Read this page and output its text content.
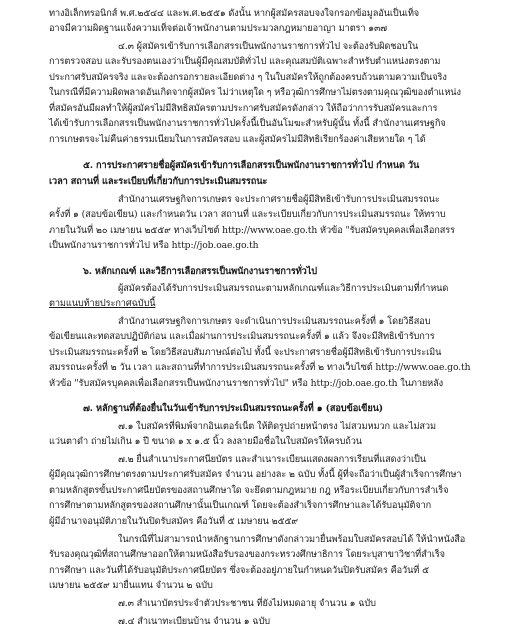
ทางอิเล็กทรอนิกส์ พ.ศ.๒๕๔๔ และพ.ศ.๒๕๕๑ ดังนั้น หากผู้สมัครสอบจงใจกรอกข้อมูลอันเป็นเท็จ
อาจมีความผิดฐานแจ้งความเท็จต่อเจ้าพนักงานตามประมวลกฎหมายอาญา มาตรา ๑๓๗
๔.๓ ผู้สมัครเข้ารับการเลือกสรรเป็นพนักงานราชการทั่วไป จะต้องรับผิดชอบใน
การตรวจสอบ และรับรองตนเองว่าเป็นผู้มีคุณสมบัติทั่วไป และคุณสมบัติเฉพาะสำหรับตำแหน่งตรงตาม
ประกาศรับสมัครจริง และจะต้องกรอกรายละเอียดต่าง ๆ ในใบสมัครให้ถูกต้องครบถ้วนตามความเป็นจริง
ในกรณีที่มีความผิดพลาดอันเกิดจากผู้สมัคร ไม่ว่าเหตุใด ๆ หรือวุฒิการศึกษาไม่ตรงตามคุณวุฒิของตำแหน่ง
ที่สมัครอันมีผลทำให้ผู้สมัครไม่มีสิทธิสมัครตามประกาศรับสมัครดังกล่าว ให้ถือว่าการรับสมัครและการ
ได้เข้ารับการเลือกสรรเป็นพนักงานราชการทั่วไปครั้งนี้เป็นอันโมฆะสำหรับผู้นั้น ทั้งนี้ สำนักงานเศรษฐกิจ
การเกษตรจะไม่คืนค่าธรรมเนียมในการสมัครสอบ และผู้สมัครไม่มีสิทธิเรียกร้องค่าเสียหายใด ๆ ได้
๕. การประกาศรายชื่อผู้สมัครเข้ารับการเลือกสรรเป็นพนักงานราชการทั่วไป กำหนด วัน
เวลา สถานที่ และระเบียบที่เกี่ยวกับการประเมินสมรรถนะ
สำนักงานเศรษฐกิจการเกษตร จะประกาศรายชื่อผู้มีสิทธิเข้ารับการประเมินสมรรถนะ
ครั้งที่ ๑ (สอบข้อเขียน) และกำหนดวัน เวลา สถานที่ และระเบียบเกี่ยวกับการประเมินสมรรถนะ ให้ทราบ
ภายในวันที่ ๒๐ เมษายน ๒๕๕๙ ทางเว็บไซต์ http://www.oae.go.th หัวข้อ "รับสมัครบุคคลเพื่อเลือกสรร
เป็นพนักงานราชการทั่วไป หรือ http://job.oae.go.th
๖. หลักเกณฑ์ และวิธีการเลือกสรรเป็นพนักงานราชการทั่วไป
ผู้สมัครต้องได้รับการประเมินสมรรถนะตามหลักเกณฑ์และวิธีการประเมินตามที่กำหนด
ตามแนบท้ายประกาศฉบับนี้
สำนักงานเศรษฐกิจการเกษตร จะดำเนินการประเมินสมรรถนะครั้งที่ ๑ โดยวิธีสอบ
ข้อเขียนและทดสอบปฏิบัติก่อน และเมื่อผ่านการประเมินสมรรถนะครั้งที่ ๑ แล้ว จึงจะมีสิทธิเข้ารับการ
ประเมินสมรรถนะครั้งที่ ๒ โดยวิธีสอบสัมภาษณ์ต่อไป ทั้งนี้ จะประกาศรายชื่อผู้มีสิทธิเข้ารับการประเมิน
สมรรถนะครั้งที่ ๒ วัน เวลา และสถานที่ทำการประเมินสมรรถนะครั้งที่ ๒ ทางเว็บไซต์ http://www.oae.go.th
หัวข้อ "รับสมัครบุคคลเพื่อเลือกสรรเป็นพนักงานราชการทั่วไป" หรือ http://job.oae.go.th ในภายหลัง
๗. หลักฐานที่ต้องยื่นในวันเข้ารับการประเมินสมรรถนะครั้งที่ ๑ (สอบข้อเขียน)
๗.๑ ใบสมัครที่พิมพ์จากอินเตอร์เน็ต ให้ติดรูปถ่ายหน้าตรง ไม่สวมหมวก และไม่สวม
แว่นตาดำ ถ่ายไม่เกิน ๑ ปี ขนาด ๑ x ๑.๕ นิ้ว ลงลายมือชื่อในใบสมัครให้ครบถ้วน
๗.๒ ยื่นสำเนาประกาศนียบัตร และสำเนาระเบียนแสดงผลการเรียนที่แสดงว่าเป็น
ผู้มีคุณวุฒิการศึกษาตรงตามประกาศรับสมัคร จำนวน อย่างละ ๒ ฉบับ ทั้งนี้ ผู้ที่จะถือว่าเป็นผู้สำเร็จการศึกษา
ตามหลักสูตรขั้นประกาศนียบัตรของสถานศึกษาใด จะยึดตามกฎหมาย กฎ หรือระเบียบเกี่ยวกับการสำเร็จ
การศึกษาตามหลักสูตรของสถานศึกษานั้นเป็นเกณฑ์ โดยจะต้องสำเร็จการศึกษาและได้รับอนุมัติจาก
ผู้มีอำนาจอนุมัติภายในวันปิดรับสมัคร คือวันที่ ๕ เมษายน ๒๕๕๙
ในกรณีที่ไม่สามารถนำหลักฐานการศึกษาดังกล่าวมายื่นพร้อมใบสมัครสอบได้ ให้นำหนังสือ
รับรองคุณวุฒิที่สถานศึกษาออกให้ตามหนังสือรับรองของกระทรวงศึกษาธิการ โดยระบุสาขาวิชาที่สำเร็จ
การศึกษา และวันที่ได้รับอนุมัติประกาศนียบัตร ซึ่งจะต้องอยู่ภายในกำหนดวันปิดรับสมัคร คือวันที่ ๕
เมษายน ๒๕๕๙ มายื่นแทน จำนวน ๒ ฉบับ
๗.๓ สำเนาบัตรประจำตัวประชาชน ที่ยังไม่หมดอายุ จำนวน ๑ ฉบับ
๗.๔ สำเนาทะเบียนบ้าน จำนวน ๑ ฉบับ
